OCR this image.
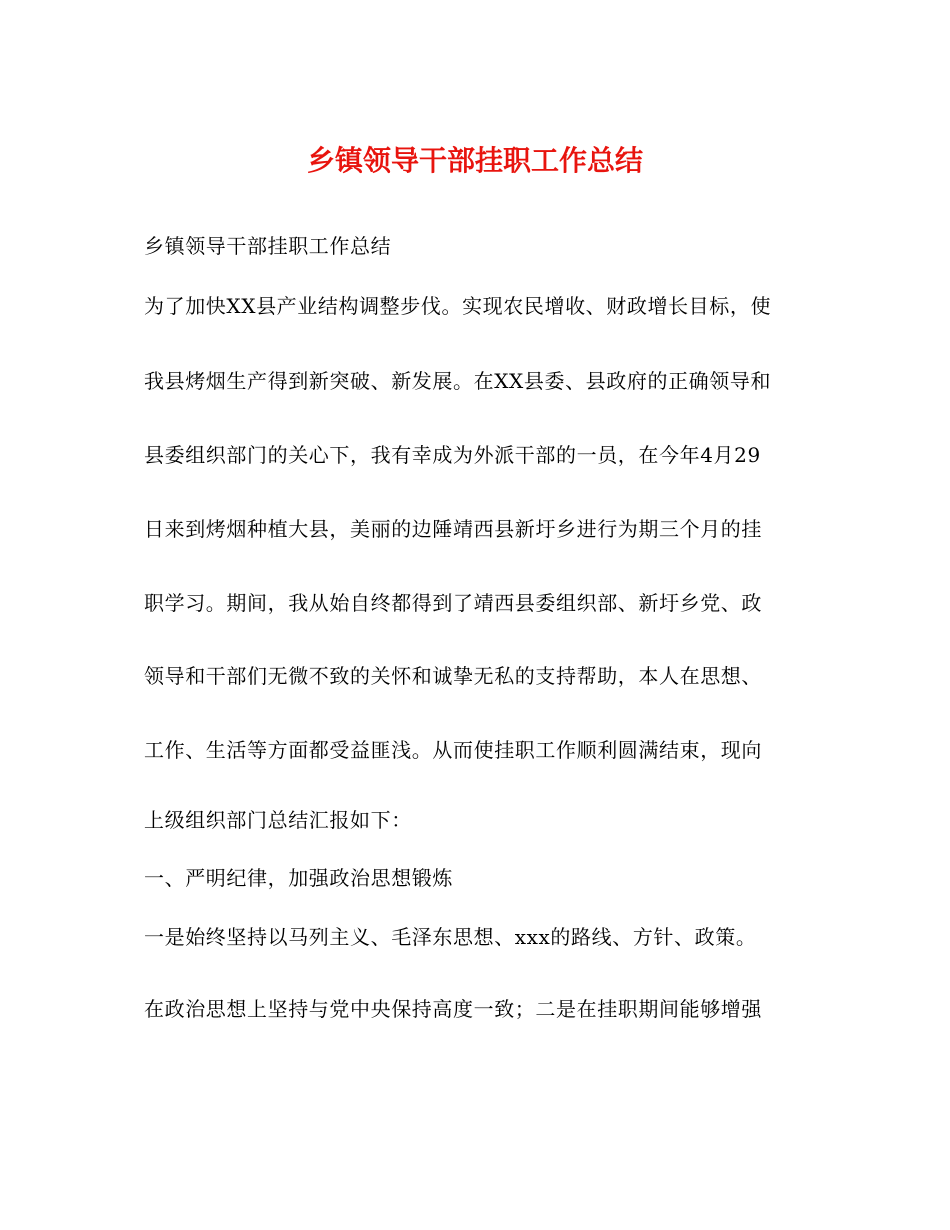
乡镇领导干部挂职工作总结
乡镇领导干部挂职工作总结
为了加快XX县产业结构调整步伐。实现农民增收、财政增长目标，使
我县烤烟生产得到新突破、新发展。在XX县委、县政府的正确领导和
县委组织部门的关心下，我有幸成为外派干部的一员，在今年4月29
日来到烤烟种植大县，美丽的边陲靖西县新圩乡进行为期三个月的挂
职学习。期间，我从始自终都得到了靖西县委组织部、新圩乡党、政
领导和干部们无微不致的关怀和诚挚无私的支持帮助，本人在思想、
工作、生活等方面都受益匪浅。从而使挂职工作顺利圆满结束，现向
上级组织部门总结汇报如下：
一、严明纪律，加强政治思想锻炼
一是始终坚持以马列主义、毛泽东思想、xxx的路线、方针、政策。
在政治思想上坚持与党中央保持高度一致；二是在挂职期间能够增强
